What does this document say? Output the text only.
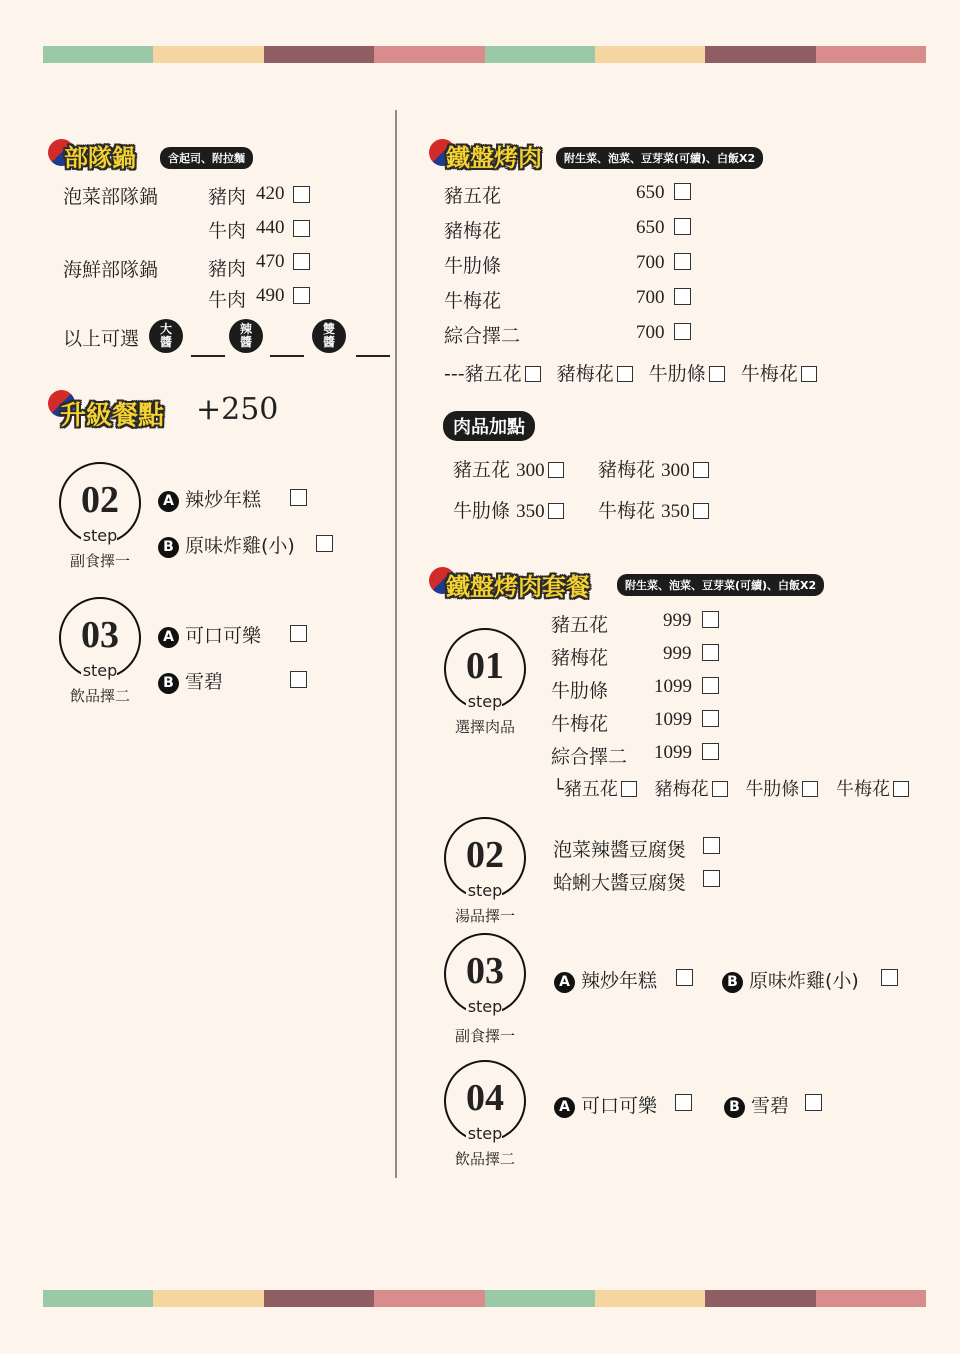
部隊鍋	含起司、附拉麵
泡菜部隊鍋	豬肉 420
牛肉 440
海鮮部隊鍋	豬肉 470
牛肉 490
以上可選 大
醬
辣
醬
雙
醬
升級餐點 +250
02
step
副食擇一
A 辣炒年糕
B 原味炸雞(小)
03
step
飲品擇二
A 可口可樂
B 雪碧
鐵盤烤肉	附生菜、泡菜、豆芽菜(可續)、白飯X2
豬五花	650
豬梅花	650
牛肋條	700
牛梅花	700
綜合擇二	700
---豬五花 豬梅花 牛肋條 牛梅花
肉品加點
豬五花 300	豬梅花 300
牛肋條 350	牛梅花 350
鐵盤烤肉套餐	附生菜、泡菜、豆芽菜(可續)、白飯X2
01
step
選擇肉品
豬五花	999
豬梅花	999
牛肋條 1099
牛梅花 1099
綜合擇二 1099
└豬五花 豬梅花 牛肋條 牛梅花
02
step
湯品擇一
泡菜辣醬豆腐煲
蛤蜊大醬豆腐煲
03
step
副食擇一
A 辣炒年糕	B 原味炸雞(小)
04
step
飲品擇二
A 可口可樂	B 雪碧
